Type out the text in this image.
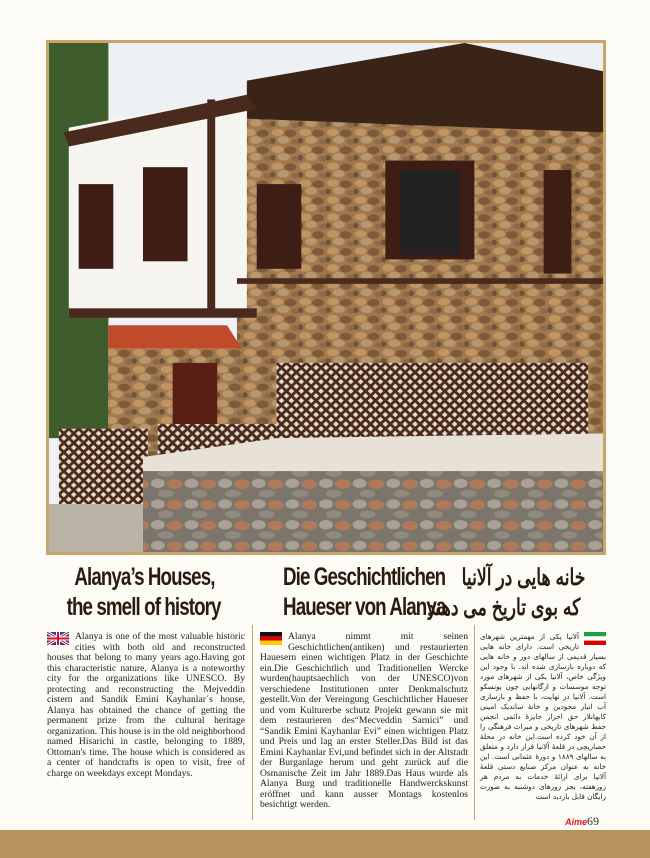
Alanya’s Houses,
the smell of history
Die Geschichtlichen
Haueser von Alanya
خانه هایی در آلانیا
که بوی تاریخ می دهند
Alanya is one of the most valuable historic cities with both old and reconstructed houses that belong to many years ago.Having got this characteristic nature, Alanya is a noteworthy city for the organizations like UNESCO. By protecting and reconstructing the Mejveddin cistern and Sandik Emini Kayhanlar´s house, Alanya has obtained the chance of getting the permanent prize from the cultural heritage organization. This house is in the old neighborhood named Hisarichi in castle, belonging to 1889, Ottoman's time. The house which is considered as a center of handcrafts is open to visit, free of charge on weekdays except Mondays.
Alanya nimmt mit seinen Geschichtlichen(antiken) und restaurierten Hauesern einen wichtigen Platz in der Geschichte ein.Die Geschichtlich und Traditionellen Wercke wurden(hauptsaechlich von der UNESCO)von verschiedene Institutionen unter Denkmalschutz gestellt.Von der Vereingung Geschichtlicher Haueser und vom Kulturerbe schutz Projekt gewann sie mit dem restaurieren des“Mecveddin Sarnici” und “Sandik Emini Kayhanlar Evi” einen wichtigen Platz und Preis und lag an erster Steller.Das Bild ist das Emini Kayhanlar Evi,und befindet sich in der Altstadt der Burganlage herum und geht zurück auf die Osmanische Zeit im Jahr 1889.Das Haus wurde als Alanya Burg und traditionelle Handwerckskunst eröffnet und kann ausser Montags kostenlos besichtigt werden.
آلانیا یکی از مهمترین شهرهای تاریخی است. دارای خانه هایی بسیار قدیمی از سالهای دور و خانه هایی که دوباره بازسازی شده اند. با وجود این ویژگی خاص، آلانیا یکی از شهرهای مورد توجه موسسات و ارگانهایی چون یونسکو است. آلانیا در نهایت، با حفظ و بازسازی آب انبار مجودین و خانهٔ ساندیک امینی کایهانلار حق احراز جایزهٔ دائمی انجمن حفظ شهرهای تاریخی و میراث فرهنگی را از آن خود کرده است.این خانه در محلهٔ حصاریچی در قلعهٔ آلانیا قرار دارد و متعلق به سالهای ۱۸۸۹ و دورهٔ عثمانی است. این خانه به عنوان مرکز صنایع دستی قلعهٔ آلانیا برای ارائهٔ خدمات به مردم هر روزهفته، بجز روزهای دوشنبه به صورت رایگان قابل بازدید است
Aime69
